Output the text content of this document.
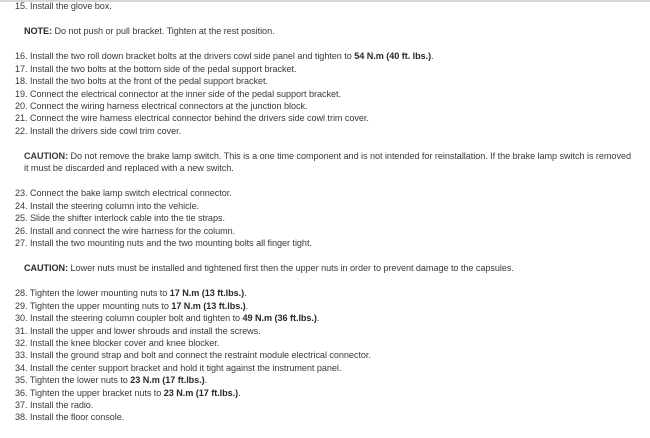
15. Install the glove box.
NOTE: Do not push or pull bracket. Tighten at the rest position.
16. Install the two roll down bracket bolts at the drivers cowl side panel and tighten to 54 N.m (40 ft. lbs.).
17. Install the two bolts at the bottom side of the pedal support bracket.
18. Install the two bolts at the front of the pedal support bracket.
19. Connect the electrical connector at the inner side of the pedal support bracket.
20. Connect the wiring harness electrical connectors at the junction block.
21. Connect the wire harness electrical connector behind the drivers side cowl trim cover.
22. Install the drivers side cowl trim cover.
CAUTION: Do not remove the brake lamp switch. This is a one time component and is not intended for reinstallation. If the brake lamp switch is removed
it must be discarded and replaced with a new switch.
23. Connect the bake lamp switch electrical connector.
24. Install the steering column into the vehicle.
25. Slide the shifter interlock cable into the tie straps.
26. Install and connect the wire harness for the column.
27. Install the two mounting nuts and the two mounting bolts all finger tight.
CAUTION: Lower nuts must be installed and tightened first then the upper nuts in order to prevent damage to the capsules.
28. Tighten the lower mounting nuts to 17 N.m (13 ft.lbs.).
29. Tighten the upper mounting nuts to 17 N.m (13 ft.lbs.).
30. Install the steering column coupler bolt and tighten to 49 N.m (36 ft.lbs.).
31. Install the upper and lower shrouds and install the screws.
32. Install the knee blocker cover and knee blocker.
33. Install the ground strap and bolt and connect the restraint module electrical connector.
34. Install the center support bracket and hold it tight against the instrument panel.
35. Tighten the lower nuts to 23 N.m (17 ft.lbs.).
36. Tighten the upper bracket nuts to 23 N.m (17 ft.lbs.).
37. Install the radio.
38. Install the floor console.
